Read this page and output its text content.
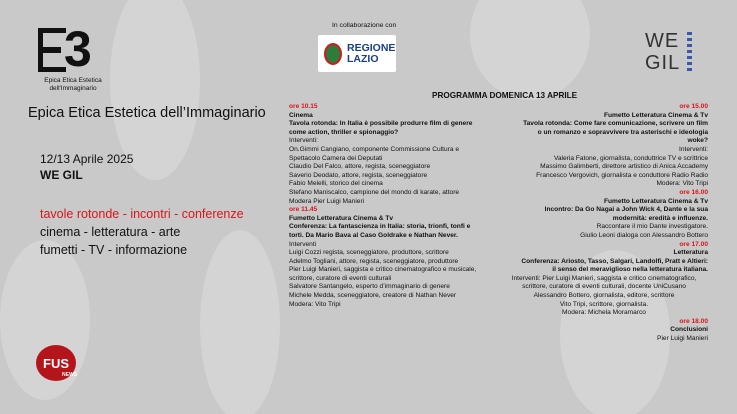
3
Epica Etica Estetica
dell'Immaginario
Epica Etica Estetica dell’Immaginario
12/13 Aprile 2025
WE GIL
tavole rotonde - incontri - conferenze
cinema - letteratura - arte
fumetti - TV - informazione
In collaborazione con
REGIONE
LAZIO
WE
GIL
PROGRAMMA DOMENICA 13 APRILE
ore 10.15
Cinema
Tavola rotonda: In Italia è possibile produrre film di genere
come action, thriller e spionaggio?
Interventi:
On.Gimmi Cangiano, componente Commissione Cultura e
Spettacolo Camera dei Deputati
Claudio Del Falco, attore, regista, sceneggiatore
Saverio Deodato, attore, regista, sceneggiatore
Fabio Melelli, storico del cinema
Stefano Maniscalco, campione del mondo di karate, attore
Modera Pier Luigi Manieri
ore 11.45
Fumetto Letteratura Cinema & Tv
Conferenza: La fantascienza in Italia: storia, trionfi, tonfi e
torti. Da Mario Bava al Caso Goldrake e Nathan Never.
Interventi
Luigi Cozzi regista, sceneggiatore, produttore, scrittore
Adelmo Togliani, attore, regista, sceneggiatore, produttore
Pier Luigi Manieri, saggista e critico cinematografico e musicale,
scrittore, curatore di eventi culturali
Salvatore Santangelo, esperto d’immaginario di genere
Michele Medda, sceneggiatore, creatore di Nathan Never
Modera: Vito Tripi
ore 15.00
Fumetto Letteratura Cinema & Tv
Tavola rotonda: Come fare comunicazione, scrivere un film
o un romanzo e sopravvivere tra asterischi e ideologia
woke?
Interventi:
Valeria Fatone, giornalista, conduttrice TV e scrittrice
Massimo Galimberti, direttore artistico di Anica Accademy
Francesco Vergovich, giornalista e conduttore Radio Radio
Modera: Vito Tripi
ore 16.00
Fumetto Letteratura Cinema & Tv
Incontro: Da Go Nagai a John Wick 4, Dante e la sua
modernità: eredità e influenze.
Raccontare il mio Dante investigatore.
Giulio Leoni dialoga con Alessandro Bottero
ore 17.00
Letteratura
Conferenza: Ariosto, Tasso, Salgari, Landolfi, Pratt e Altieri:
il senso del meraviglioso nella letteratura italiana.
Interventi: Pier Luigi Manieri, saggista e critico cinematografico,
scrittore, curatore di eventi culturali, docente UniCusano
Alessandro Bottero, giornalista, editore, scrittore
Vito Tripi, scrittore, giornalista.
Modera: Michela Moramarco
ore 18.00
Conclusioni
Pier Luigi Manieri
FUS
NEWS
